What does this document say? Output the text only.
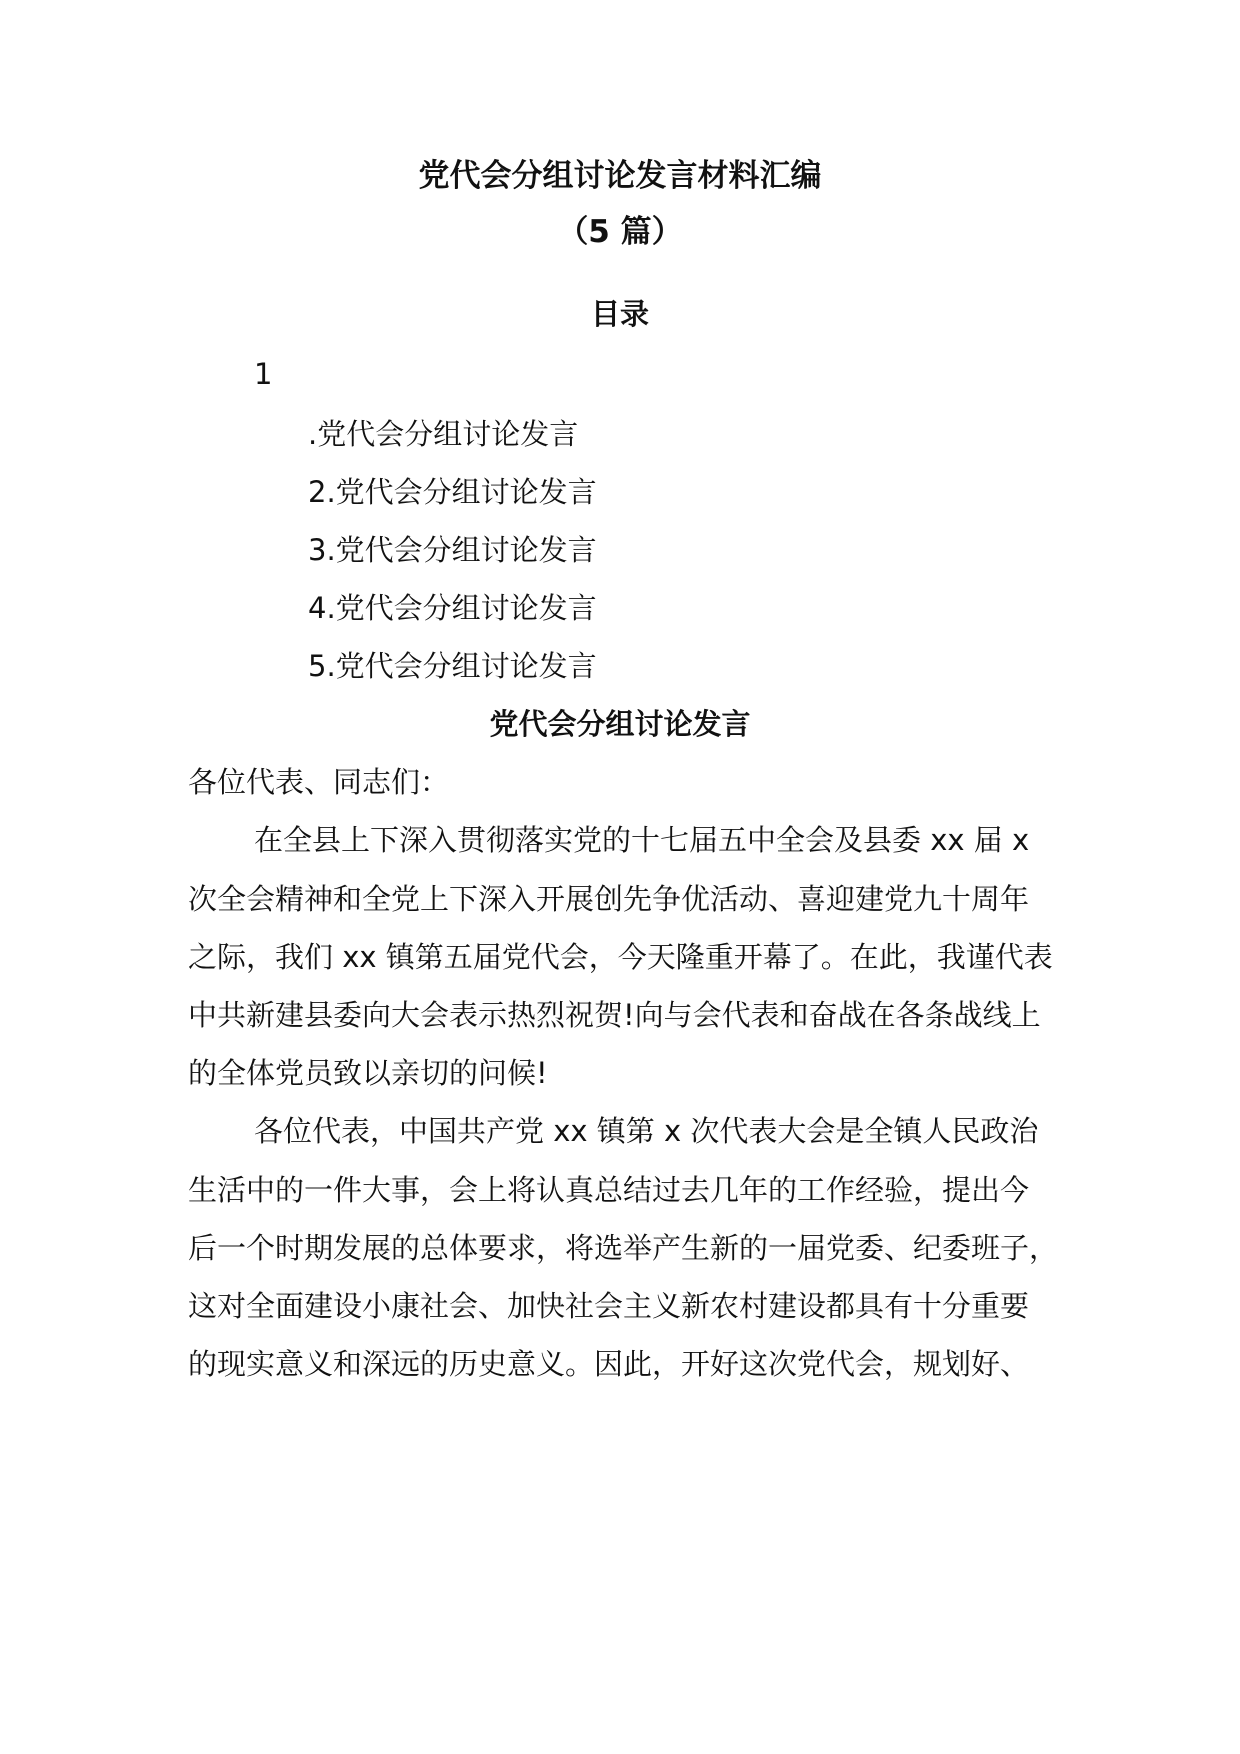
党代会分组讨论发言材料汇编
（5 篇）
目录
1
.党代会分组讨论发言
2.党代会分组讨论发言
3.党代会分组讨论发言
4.党代会分组讨论发言
5.党代会分组讨论发言
党代会分组讨论发言
各位代表、同志们：
在全县上下深入贯彻落实党的十七届五中全会及县委 xx 届 x
次全会精神和全党上下深入开展创先争优活动、喜迎建党九十周年
之际，我们 xx 镇第五届党代会，今天隆重开幕了。在此，我谨代表
中共新建县委向大会表示热烈祝贺!向与会代表和奋战在各条战线上
的全体党员致以亲切的问候!
各位代表，中国共产党 xx 镇第 x 次代表大会是全镇人民政治
生活中的一件大事，会上将认真总结过去几年的工作经验，提出今
后一个时期发展的总体要求，将选举产生新的一届党委、纪委班子，
这对全面建设小康社会、加快社会主义新农村建设都具有十分重要
的现实意义和深远的历史意义。因此，开好这次党代会，规划好、
